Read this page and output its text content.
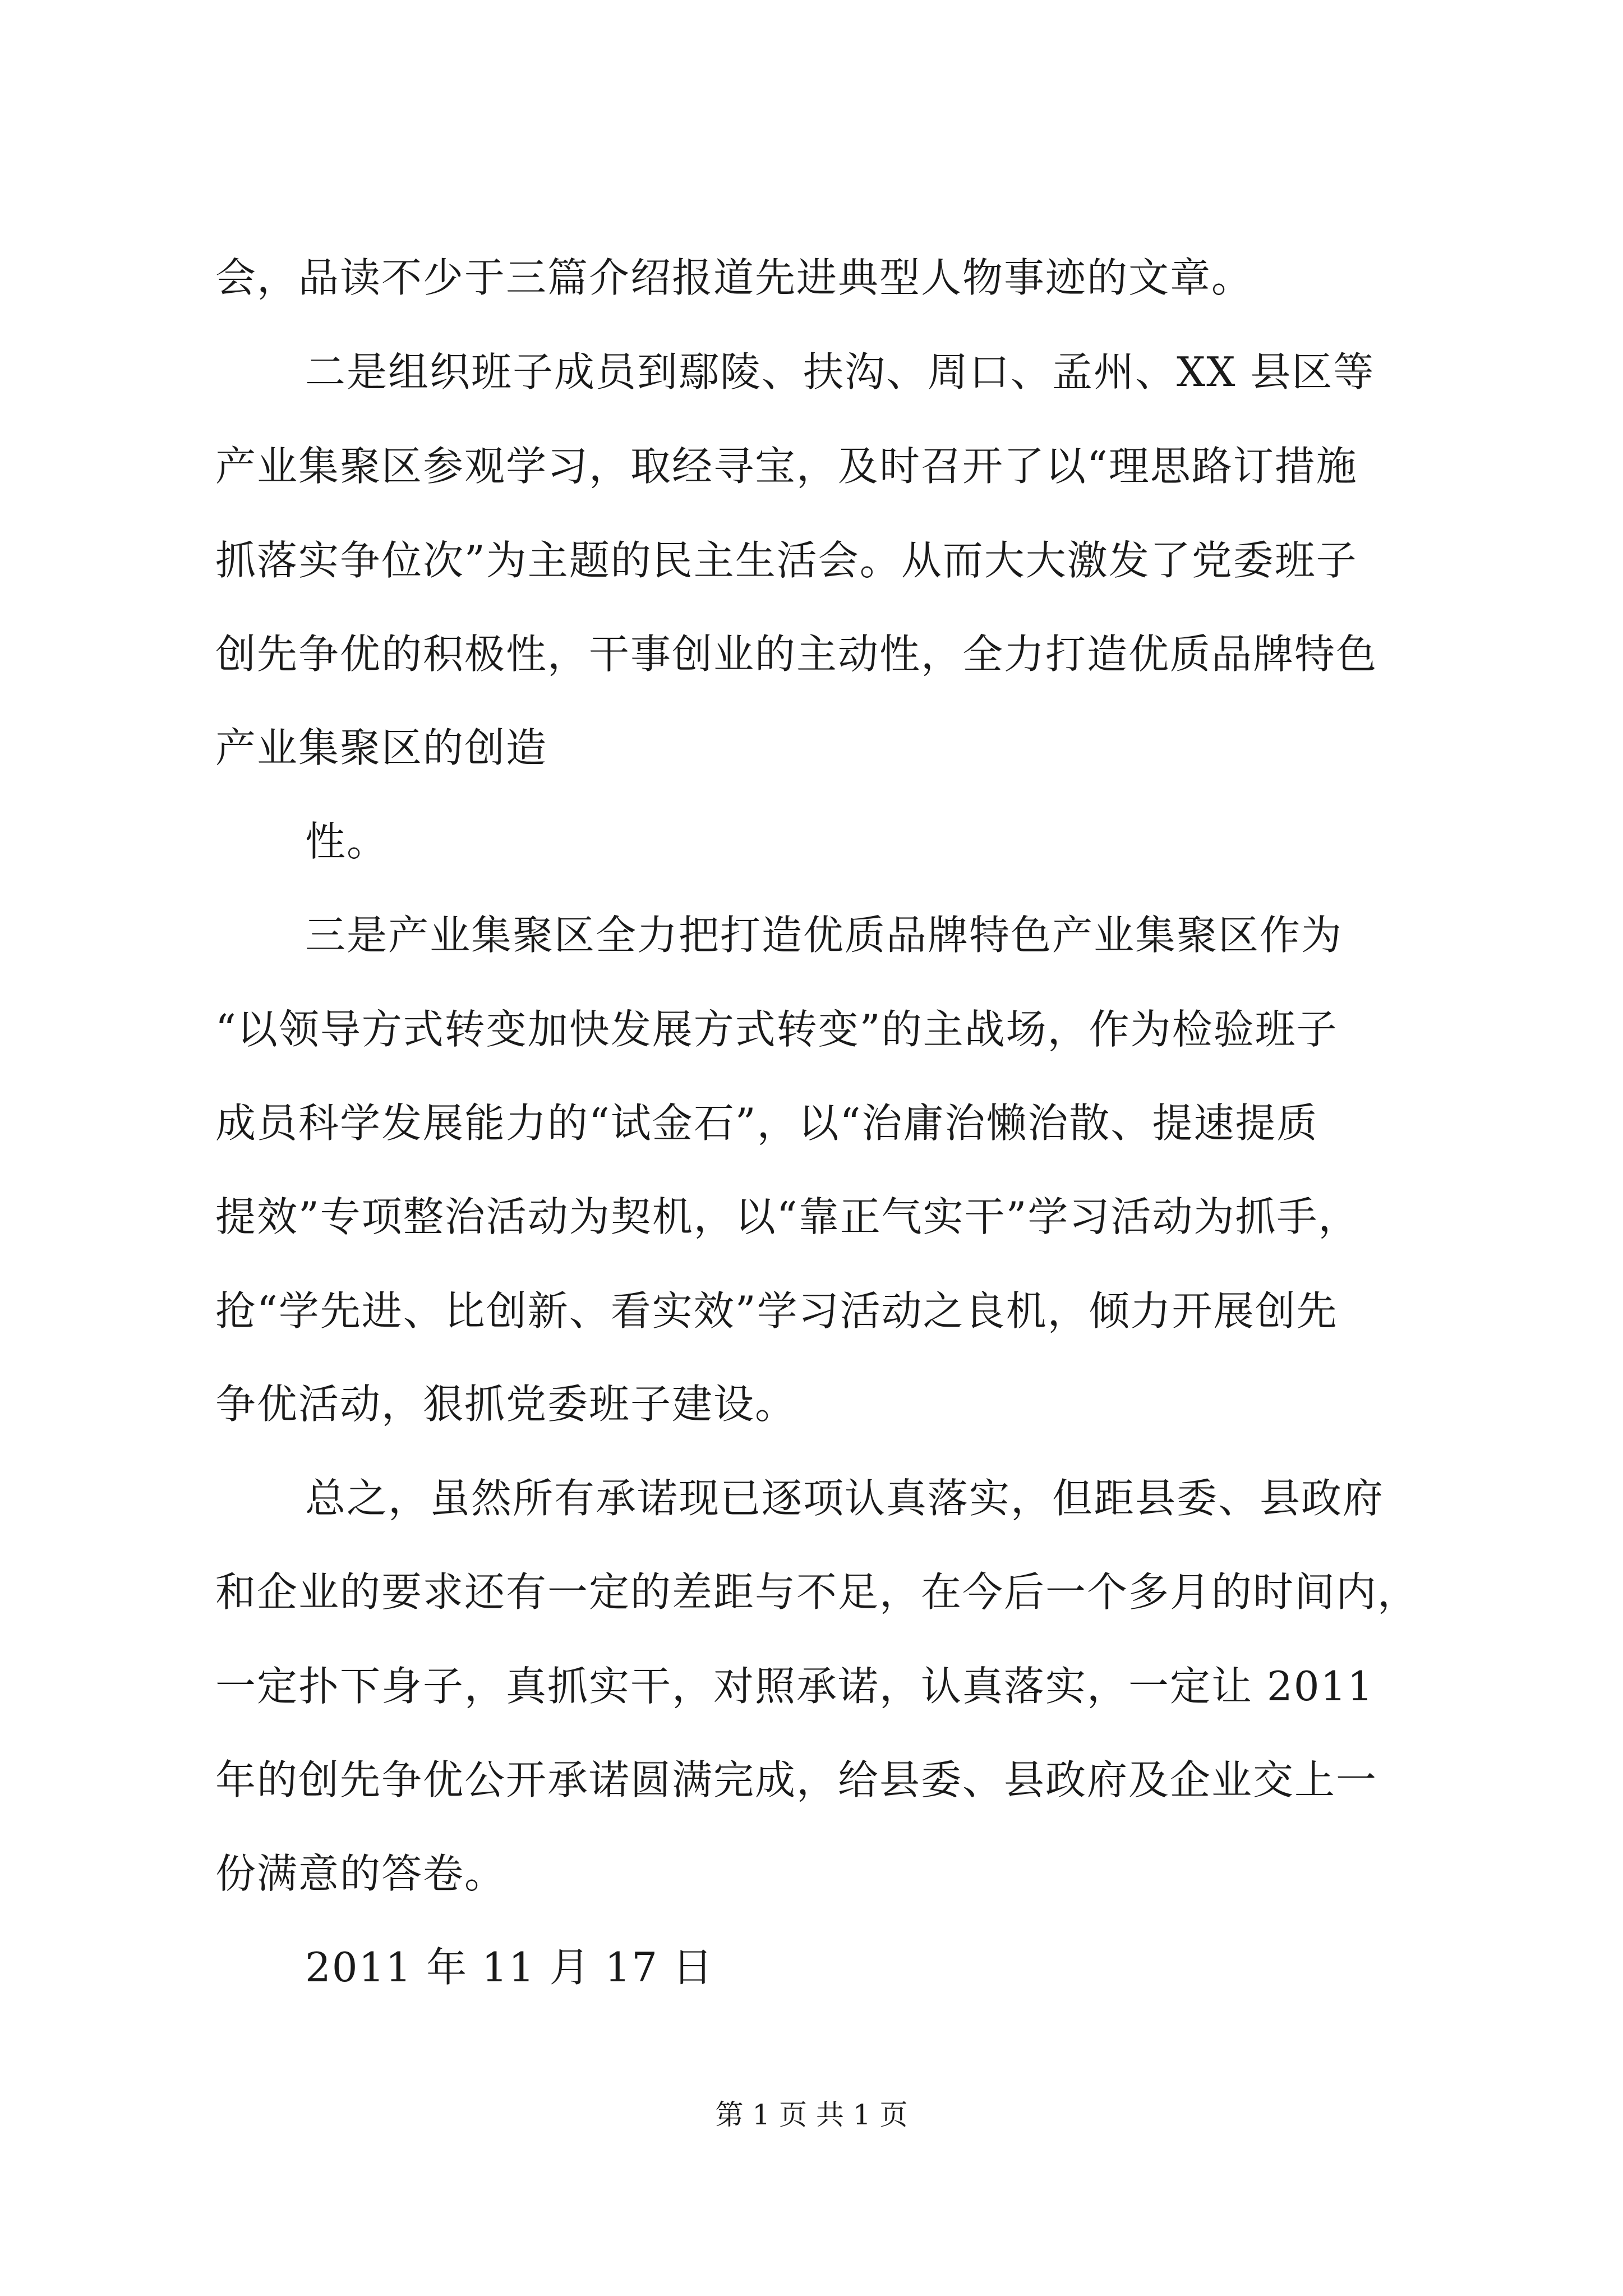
会，品读不少于三篇介绍报道先进典型人物事迹的文章。
二是组织班子成员到鄢陵、扶沟、周口、孟州、XX 县区等
产业集聚区参观学习，取经寻宝，及时召开了以“理思路订措施
抓落实争位次”为主题的民主生活会。从而大大激发了党委班子
创先争优的积极性，干事创业的主动性，全力打造优质品牌特色
产业集聚区的创造
性。
三是产业集聚区全力把打造优质品牌特色产业集聚区作为
“以领导方式转变加快发展方式转变”的主战场，作为检验班子
成员科学发展能力的“试金石”，以“治庸治懒治散、提速提质
提效”专项整治活动为契机，以“靠正气实干”学习活动为抓手，
抢“学先进、比创新、看实效”学习活动之良机，倾力开展创先
争优活动，狠抓党委班子建设。
总之，虽然所有承诺现已逐项认真落实，但距县委、县政府
和企业的要求还有一定的差距与不足，在今后一个多月的时间内，
一定扑下身子，真抓实干，对照承诺，认真落实，一定让 2011
年的创先争优公开承诺圆满完成，给县委、县政府及企业交上一
份满意的答卷。
2011 年 11 月 17 日
第 1 页 共 1 页
